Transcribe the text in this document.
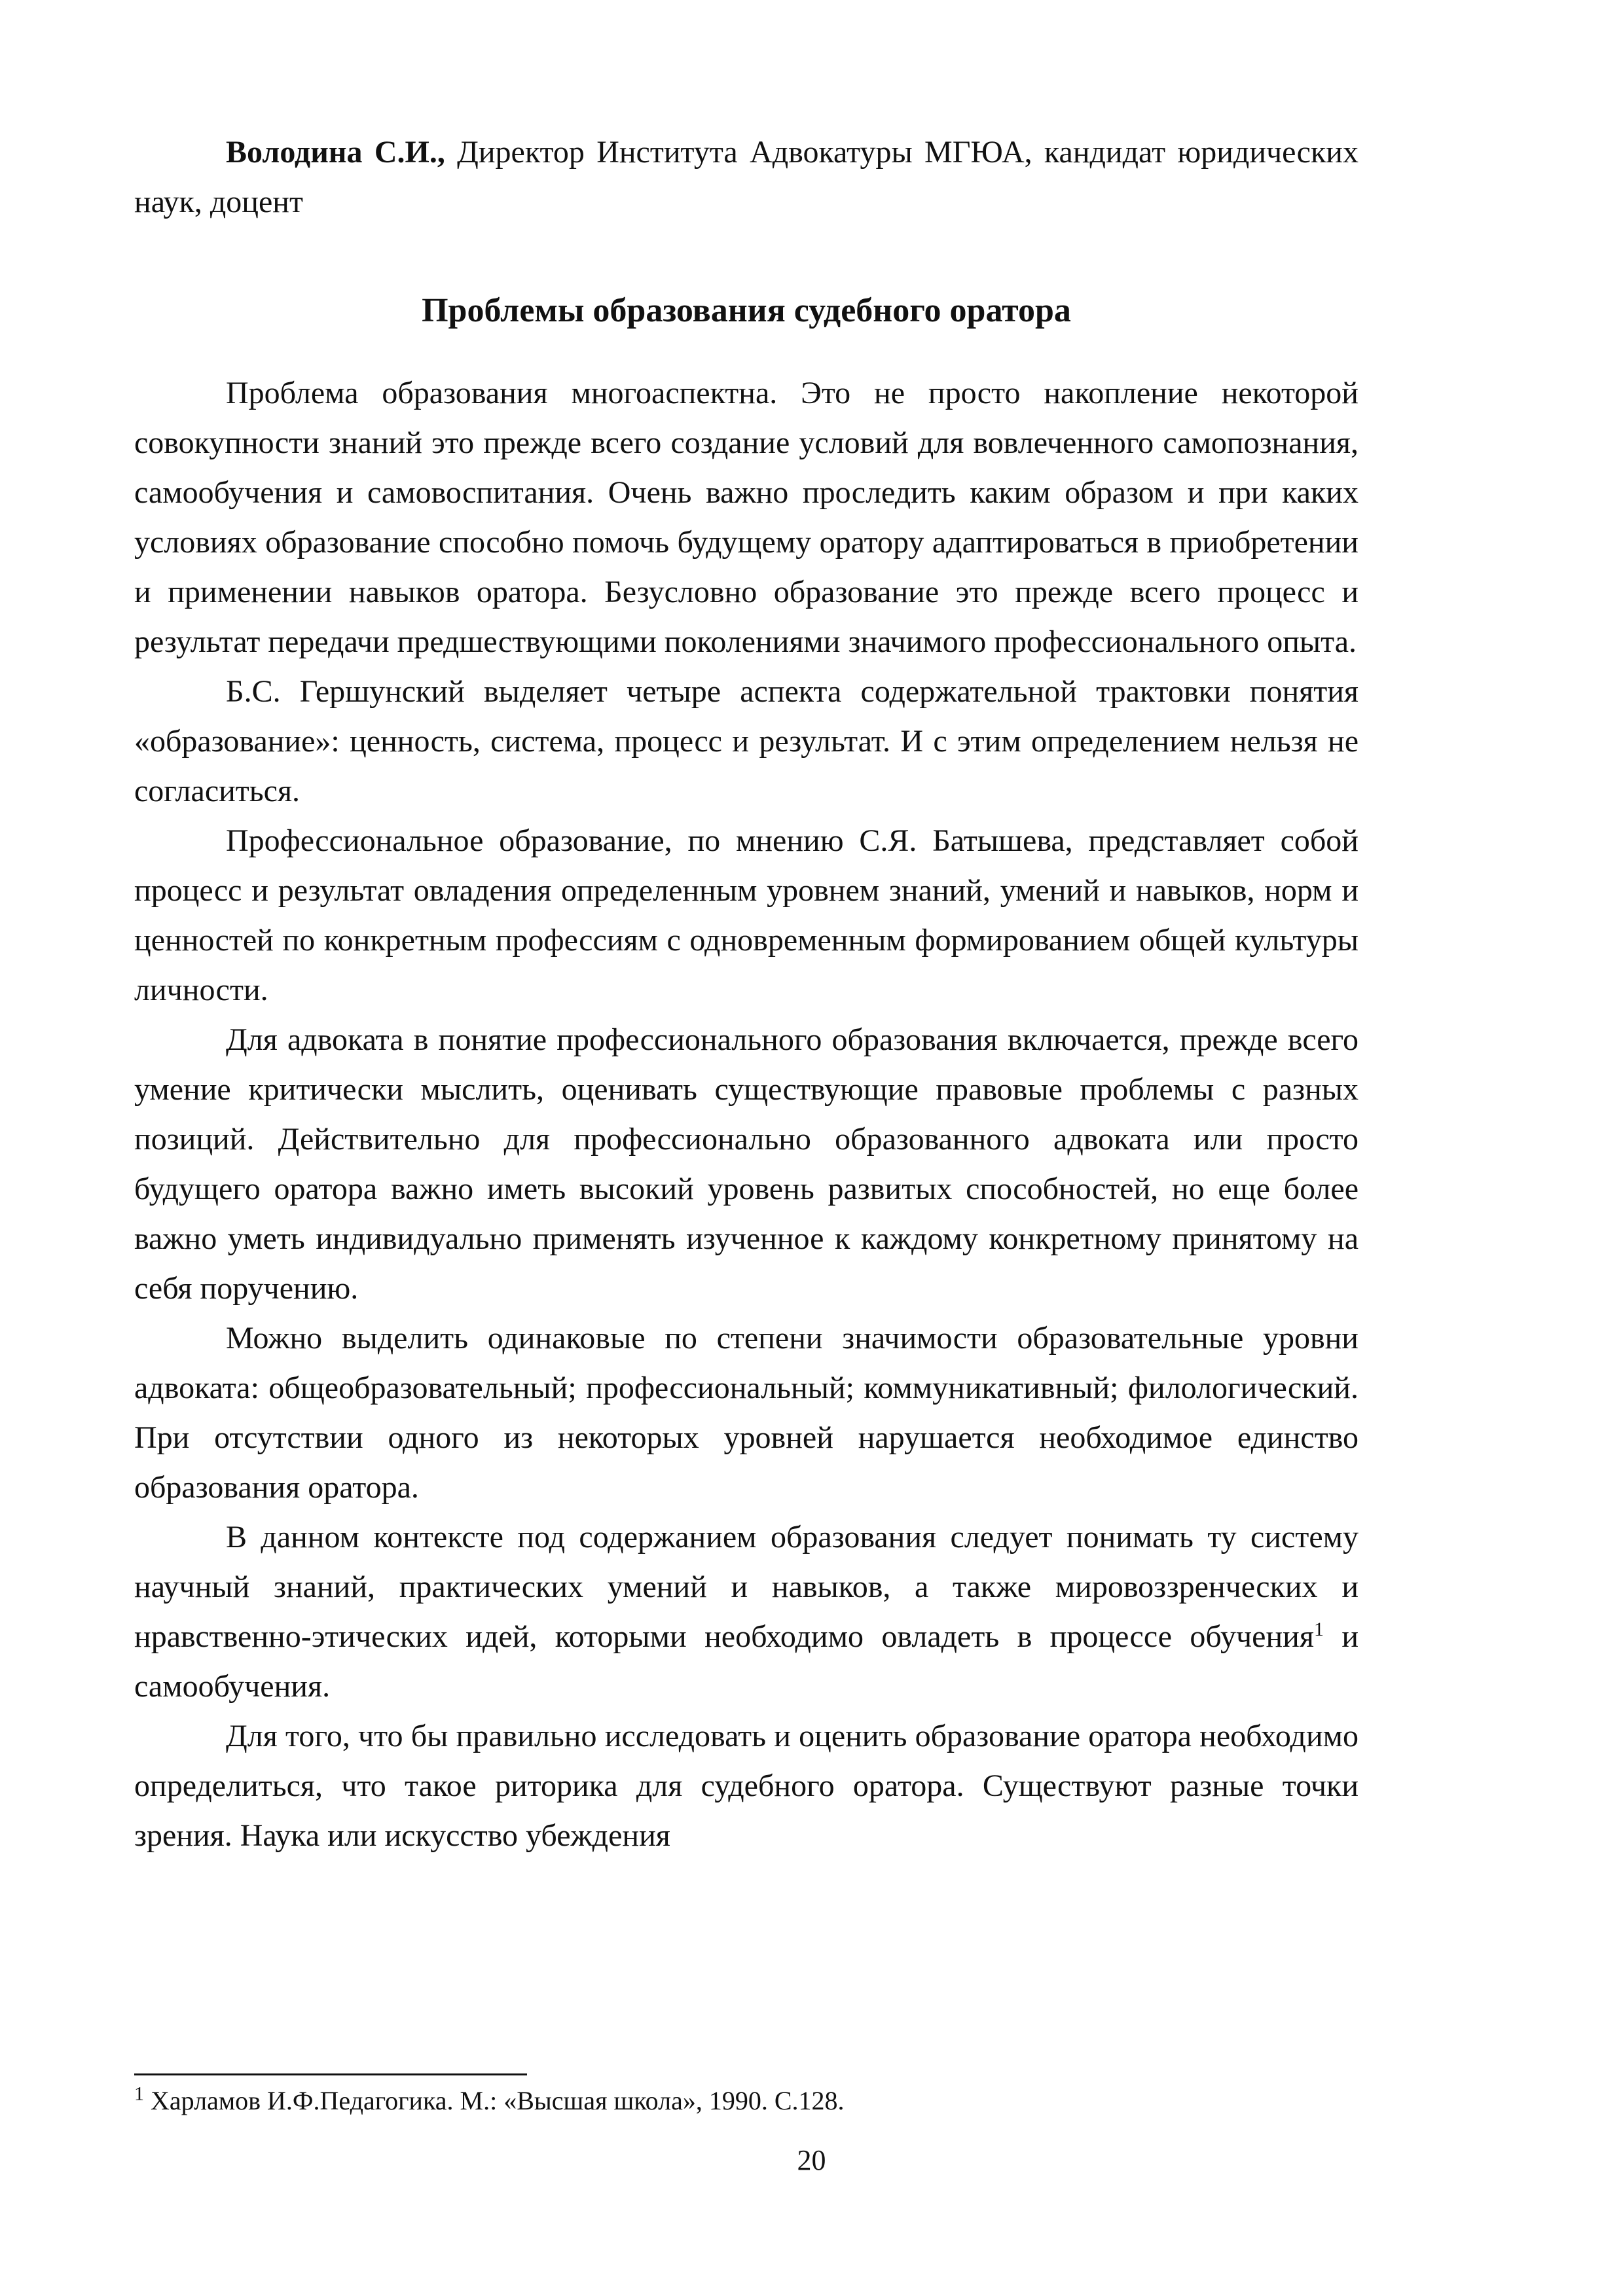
Володина С.И., Директор Института Адвокатуры МГЮА, кандидат юридических наук, доцент

Проблемы образования судебного оратора

Проблема образования многоаспектна. Это не просто накопление некоторой совокупности знаний это прежде всего создание условий для вовлеченного самопознания, самообучения и самовоспитания. Очень важно проследить каким образом и при каких условиях образование способно помочь будущему оратору адаптироваться в приобретении и применении навыков оратора. Безусловно образование это прежде всего процесс и результат передачи предшествующими поколениями значимого профессионального опыта.

Б.С. Гершунский выделяет четыре аспекта содержательной трактовки понятия «образование»: ценность, система, процесс и результат. И с этим определением нельзя не согласиться.

Профессиональное образование, по мнению С.Я. Батышева, представляет собой процесс и результат овладения определенным уровнем знаний, умений и навыков, норм и ценностей по конкретным профессиям с одновременным формированием общей культуры личности.

Для адвоката в понятие профессионального образования включается, прежде всего умение критически мыслить, оценивать существующие правовые проблемы с разных позиций. Действительно для профессионально образованного адвоката или просто будущего оратора важно иметь высокий уровень развитых способностей, но еще более важно уметь индивидуально применять изученное к каждому конкретному принятому на себя поручению.

Можно выделить одинаковые по степени значимости образовательные уровни адвоката: общеобразовательный; профессиональный; коммуникативный; филологический. При отсутствии одного из некоторых уровней нарушается необходимое единство образования оратора.

В данном контексте под содержанием образования следует понимать ту систему научный знаний, практических умений и навыков, а также мировоззренческих и нравственно-этических идей, которыми необходимо овладеть в процессе обучения$^1$ и самообучения.

Для того, что бы правильно исследовать и оценить образование оратора необходимо определиться, что такое риторика для судебного оратора. Существуют разные точки зрения. Наука или искусство убеждения

$^1$ Харламов И.Ф.Педагогика. М.: «Высшая школа», 1990. С.128.
20
